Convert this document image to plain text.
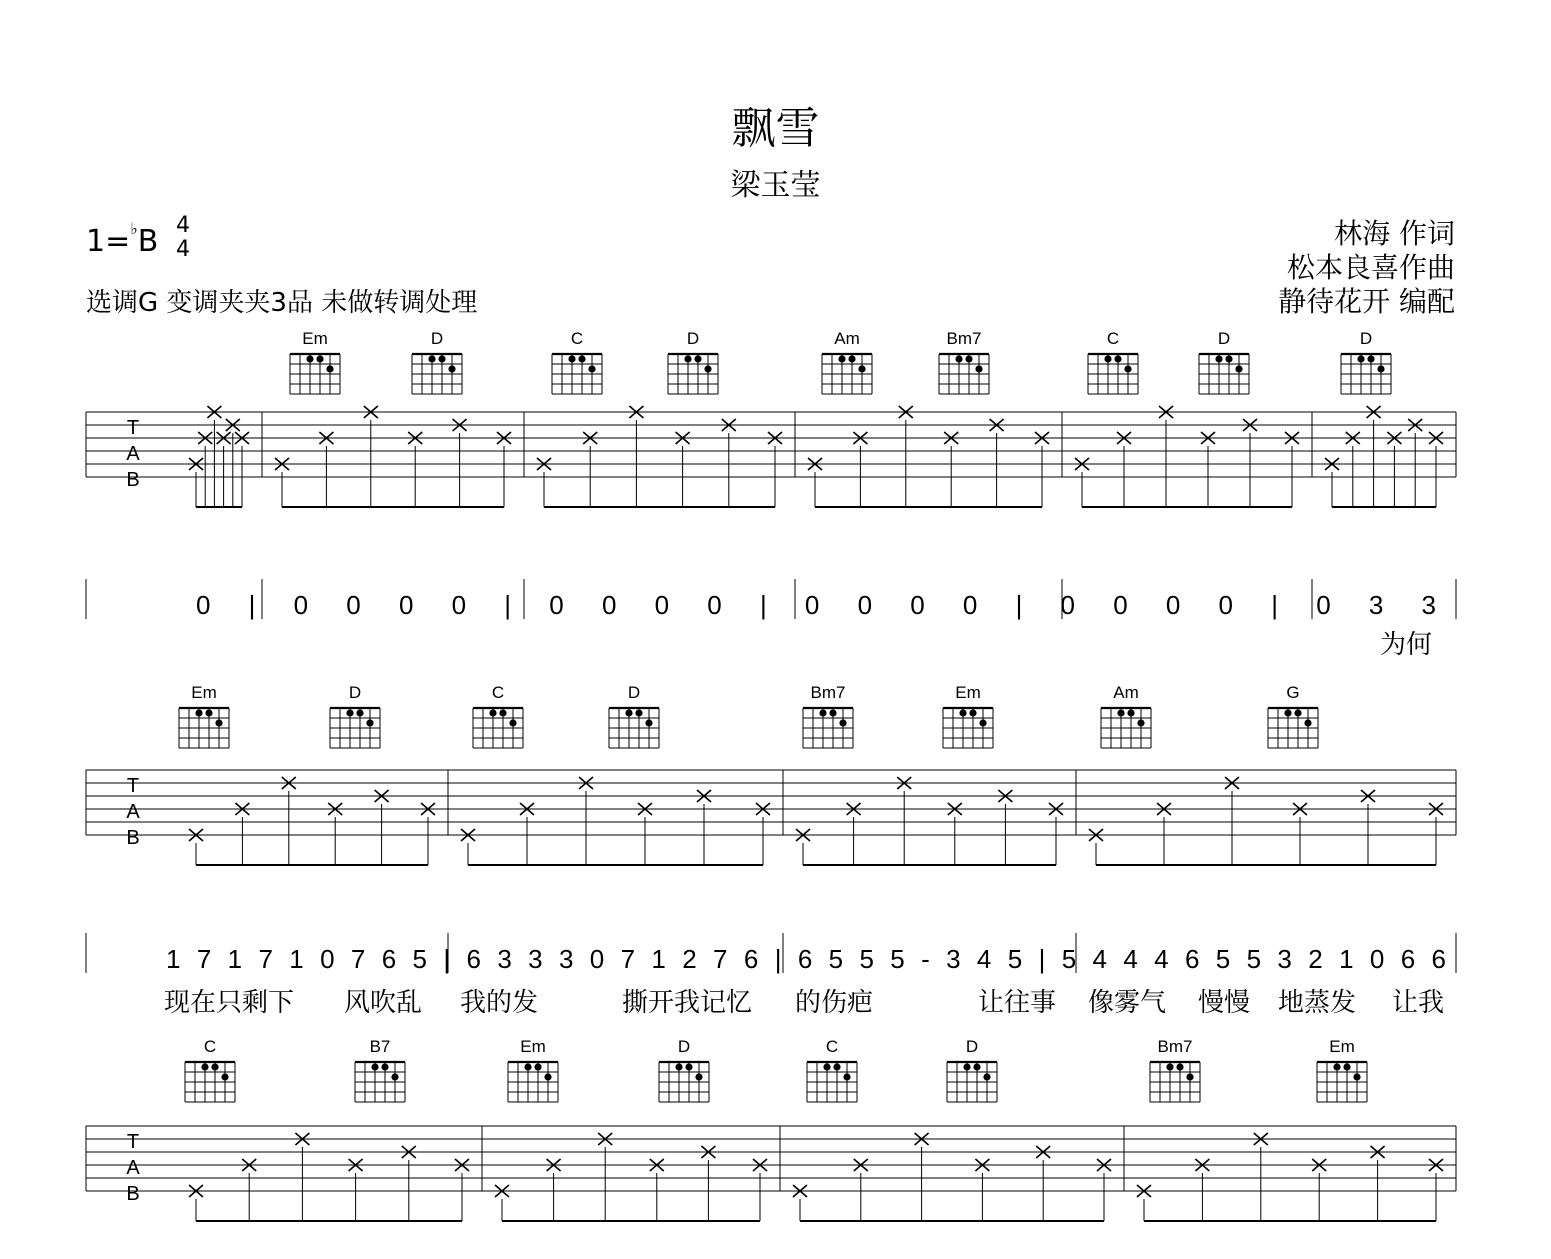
飘雪
梁玉莹
1=♭B 4
4
选调G 变调夹夹3品 未做转调处理
林海 作词
松本良喜作曲
静待花开 编配
T
A
B
Em	D	C	D	Am	Bm7	C	D	D
T
A
B
Em	D	C	D	Bm7	Em	Am	G
T
A
B
C	B7	Em	D	C	D	Bm7	Em
0 | 0 0 0 0 | 0 0 0 0 | 0 0 0 0 | 0 0 0 0 | 0 3 3
1 7 1 7 1 0 7 6 5 | 6 3 3 3 0 7 1 2 7 6 | 6 5 5 5 - 3 4 5 | 5 4 4 4 6 5 5 3 2 1 0 6 6
为何
现在只剩下 风吹乱 我的发	撕开我记忆 的伤疤	让往事 像雾气 慢慢 地蒸发 让我
